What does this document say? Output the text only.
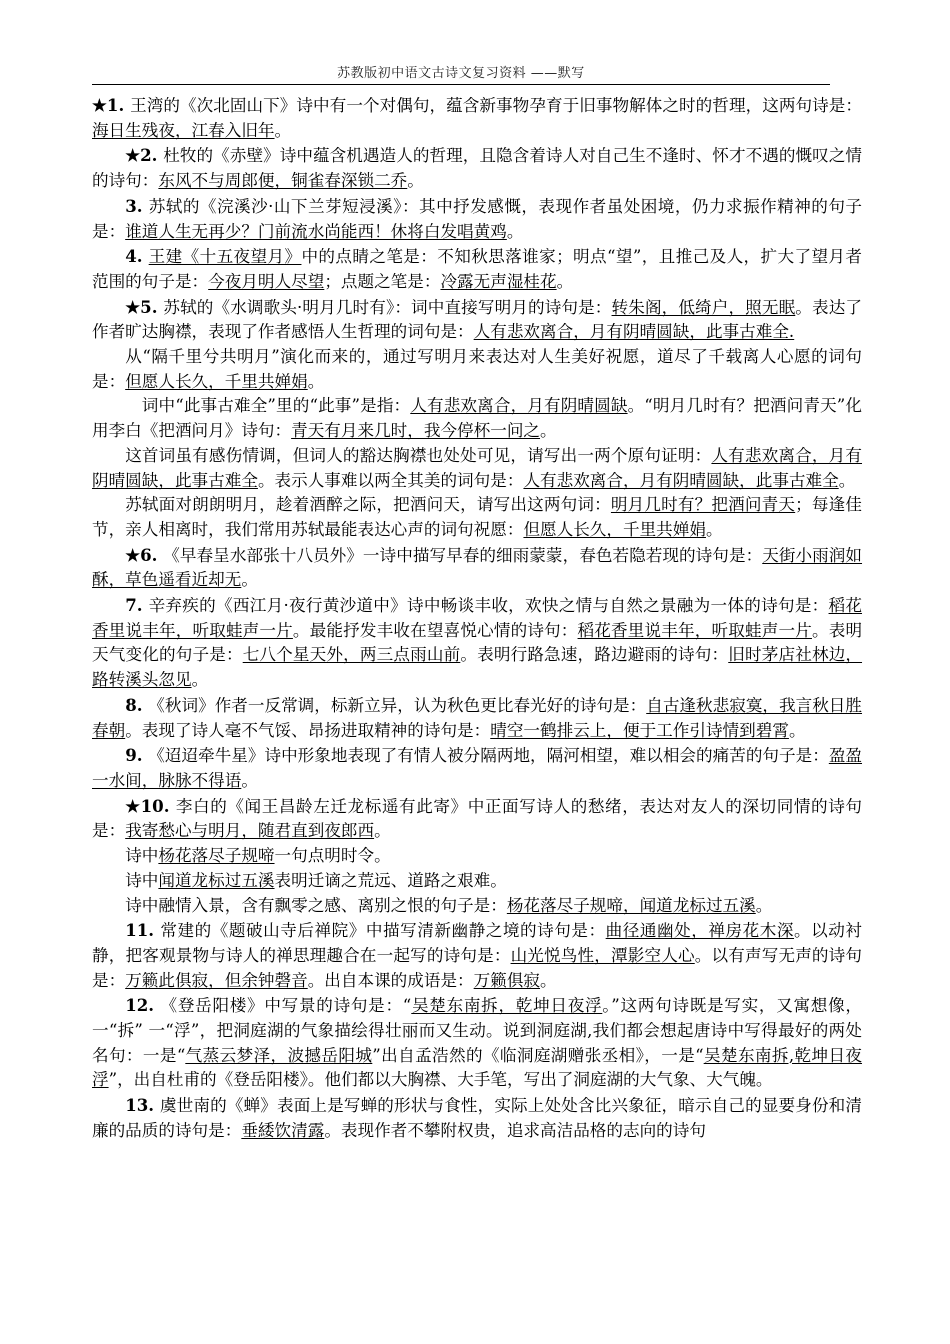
苏教版初中语文古诗文复习资料 ——默写

★1. 王湾的《次北固山下》诗中有一个对偶句，蕴含新事物孕育于旧事物解体之时的哲理，这两句诗是：海日生残夜，江春入旧年。

★2. 杜牧的《赤壁》诗中蕴含机遇造人的哲理，且隐含着诗人对自己生不逢时、怀才不遇的慨叹之情的诗句：东风不与周郎便，铜雀春深锁二乔。

3. 苏轼的《浣溪沙·山下兰芽短浸溪》：其中抒发感慨，表现作者虽处困境，仍力求振作精神的句子是：谁道人生无再少？门前流水尚能西！休将白发唱黄鸡。

4. 王建《十五夜望月》中的点睛之笔是：不知秋思落谁家；明点“望”，且推己及人，扩大了望月者范围的句子是：今夜月明人尽望；点题之笔是：冷露无声湿桂花。

★5. 苏轼的《水调歌头·明月几时有》：词中直接写明月的诗句是：转朱阁，低绮户，照无眠。表达了作者旷达胸襟，表现了作者感悟人生哲理的词句是：人有悲欢离合，月有阴晴圆缺，此事古难全.

从“隔千里兮共明月”演化而来的，通过写明月来表达对人生美好祝愿，道尽了千载离人心愿的词句是：但愿人长久，千里共婵娟。

词中“此事古难全”里的“此事”是指：人有悲欢离合，月有阴晴圆缺。“明月几时有？把酒问青天”化用李白《把酒问月》诗句：青天有月来几时，我今停杯一问之。

这首词虽有感伤情调，但词人的豁达胸襟也处处可见，请写出一两个原句证明：人有悲欢离合，月有阴晴圆缺，此事古难全。表示人事难以两全其美的词句是：人有悲欢离合，月有阴晴圆缺，此事古难全。

苏轼面对朗朗明月，趁着酒醉之际，把酒问天，请写出这两句词：明月几时有？把酒问青天；每逢佳节，亲人相离时，我们常用苏轼最能表达心声的词句祝愿：但愿人长久，千里共婵娟。

★6. 《早春呈水部张十八员外》一诗中描写早春的细雨蒙蒙，春色若隐若现的诗句是：天街小雨润如酥，草色遥看近却无。

7. 辛弃疾的《西江月·夜行黄沙道中》诗中畅谈丰收，欢快之情与自然之景融为一体的诗句是：稻花香里说丰年，听取蛙声一片。最能抒发丰收在望喜悦心情的诗句：稻花香里说丰年，听取蛙声一片。表明天气变化的句子是：七八个星天外，两三点雨山前。表明行路急速，路边避雨的诗句：旧时茅店社林边，路转溪头忽见。

8. 《秋词》作者一反常调，标新立异，认为秋色更比春光好的诗句是：自古逢秋悲寂寞，我言秋日胜春朝。表现了诗人毫不气馁、昂扬进取精神的诗句是：晴空一鹤排云上，便于工作引诗情到碧霄。

9. 《迢迢牵牛星》诗中形象地表现了有情人被分隔两地，隔河相望，难以相会的痛苦的句子是：盈盈一水间，脉脉不得语。

★10. 李白的《闻王昌龄左迁龙标遥有此寄》中正面写诗人的愁绪，表达对友人的深切同情的诗句是：我寄愁心与明月，随君直到夜郎西。

诗中杨花落尽子规啼一句点明时令。

诗中闻道龙标过五溪表明迁谪之荒远、道路之艰难。

诗中融情入景，含有飘零之感、离别之恨的句子是：杨花落尽子规啼，闻道龙标过五溪。

11. 常建的《题破山寺后禅院》中描写清新幽静之境的诗句是：曲径通幽处，禅房花木深。以动衬静，把客观景物与诗人的禅思理趣合在一起写的诗句是：山光悦鸟性，潭影空人心。以有声写无声的诗句是：万籁此俱寂，但余钟磬音。出自本课的成语是：万籁俱寂。

12. 《登岳阳楼》中写景的诗句是：“吴楚东南拆，乾坤日夜浮。”这两句诗既是写实，又寓想像，一“拆” 一“浮”，把洞庭湖的气象描绘得壮丽而又生动。说到洞庭湖,我们都会想起唐诗中写得最好的两处名句：一是“气蒸云梦泽，波撼岳阳城”出自孟浩然的《临洞庭湖赠张丞相》，一是“吴楚东南拆,乾坤日夜浮”，出自杜甫的《登岳阳楼》。他们都以大胸襟、大手笔，写出了洞庭湖的大气象、大气魄。

13. 虞世南的《蝉》表面上是写蝉的形状与食性，实际上处处含比兴象征，暗示自己的显要身份和清廉的品质的诗句是：垂緌饮清露。表现作者不攀附权贵，追求高洁品格的志向的诗句
